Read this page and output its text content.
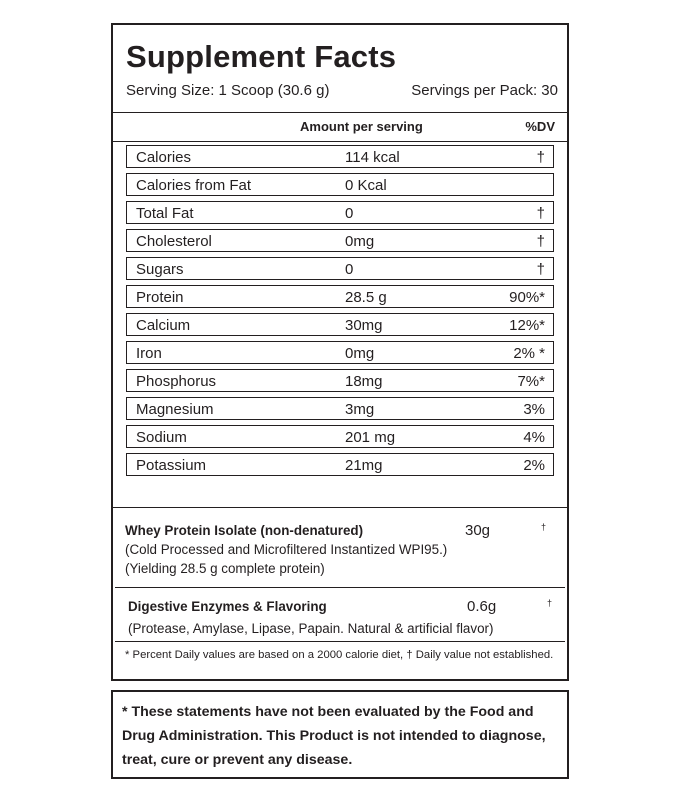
Supplement Facts
Serving Size: 1 Scoop (30.6 g)	Servings per Pack: 30
Amount per serving	%DV
Calories	114 kcal	†
Calories from Fat	0 Kcal
Total Fat	0	†
Cholesterol	0mg	†
Sugars	0	†
Protein	28.5 g	90%*
Calcium	30mg	12%*
Iron	0mg	2% *
Phosphorus	18mg	7%*
Magnesium	3mg	3%
Sodium	201 mg	4%
Potassium	21mg	2%
Whey Protein Isolate (non-denatured)	30g	†
(Cold Processed and Microfiltered Instantized WPI95.)
(Yielding 28.5 g complete protein)
Digestive Enzymes & Flavoring	0.6g	†
(Protease, Amylase, Lipase, Papain. Natural & artificial flavor)
* Percent Daily values are based on a 2000 calorie diet, † Daily value not established.
* These statements have not been evaluated by the Food and Drug Administration. This Product is not intended to diagnose, treat, cure or prevent any disease.
